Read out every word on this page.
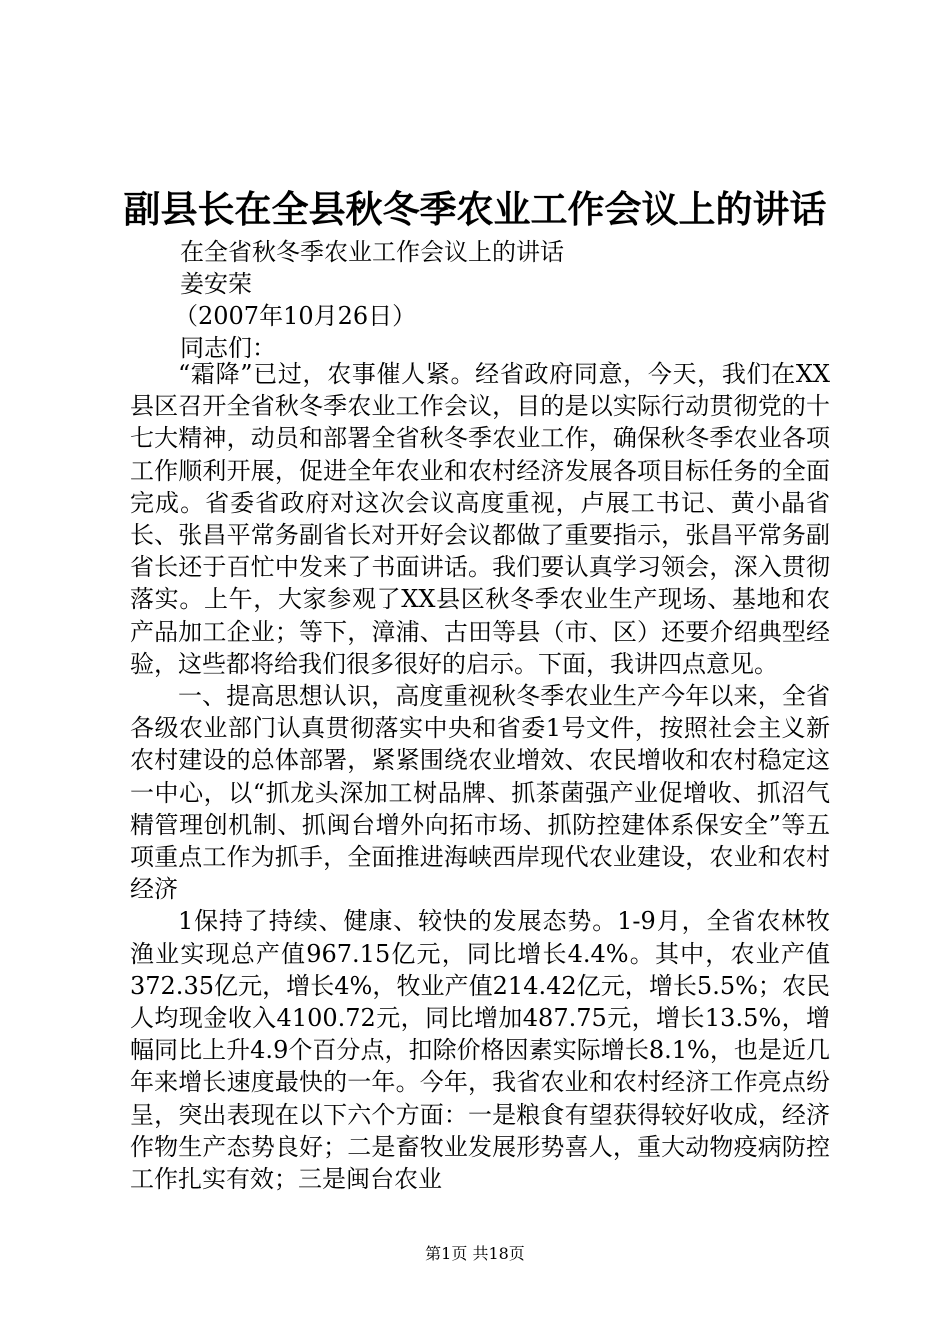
副县长在全县秋冬季农业工作会议上的讲话
在全省秋冬季农业工作会议上的讲话
姜安荣
（2007年10月26日）
同志们：

“霜降”已过，农事催人紧。经省政府同意，今天，我们在XX县区召开全省秋冬季农业工作会议，目的是以实际行动贯彻党的十七大精神，动员和部署全省秋冬季农业工作，确保秋冬季农业各项工作顺利开展，促进全年农业和农村经济发展各项目标任务的全面完成。省委省政府对这次会议高度重视，卢展工书记、黄小晶省长、张昌平常务副省长对开好会议都做了重要指示，张昌平常务副省长还于百忙中发来了书面讲话。我们要认真学习领会，深入贯彻落实。上午，大家参观了XX县区秋冬季农业生产现场、基地和农产品加工企业；等下，漳浦、古田等县（市、区）还要介绍典型经验，这些都将给我们很多很好的启示。下面，我讲四点意见。

一、提高思想认识，高度重视秋冬季农业生产今年以来，全省各级农业部门认真贯彻落实中央和省委1号文件，按照社会主义新农村建设的总体部署，紧紧围绕农业增效、农民增收和农村稳定这一中心，以“抓龙头深加工树品牌、抓茶菌强产业促增收、抓沼气精管理创机制、抓闽台增外向拓市场、抓防控建体系保安全”等五项重点工作为抓手，全面推进海峡西岸现代农业建设，农业和农村经济

1保持了持续、健康、较快的发展态势。1-9月，全省农林牧渔业实现总产值967.15亿元，同比增长4.4%。其中，农业产值372.35亿元，增长4%，牧业产值214.42亿元，增长5.5%；农民人均现金收入4100.72元，同比增加487.75元，增长13.5%，增幅同比上升4.9个百分点，扣除价格因素实际增长8.1%，也是近几年来增长速度最快的一年。今年，我省农业和农村经济工作亮点纷呈，突出表现在以下六个方面：一是粮食有望获得较好收成，经济作物生产态势良好；二是畜牧业发展形势喜人，重大动物疫病防控工作扎实有效；三是闽台农业

第1页 共18页
